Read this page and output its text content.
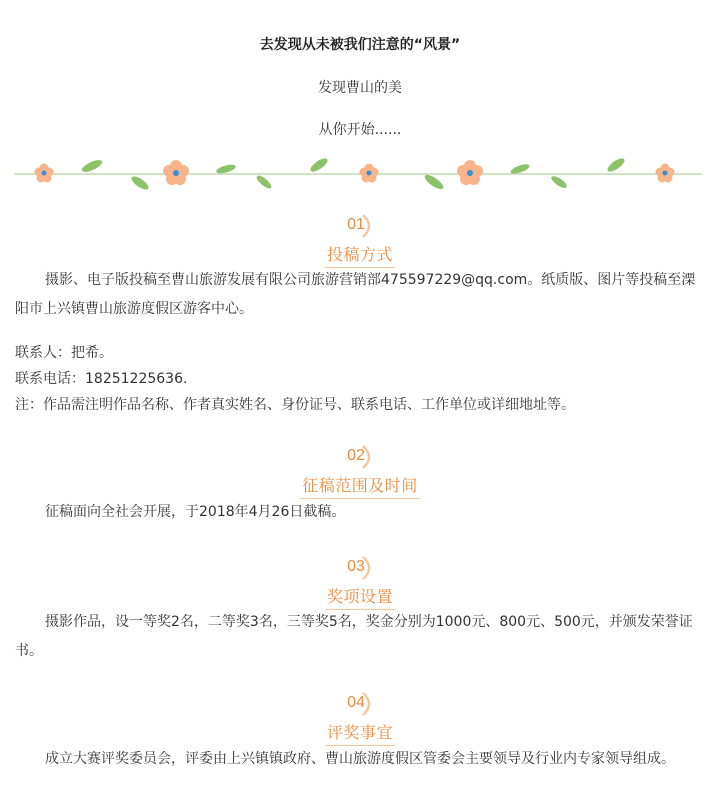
去发现从未被我们注意的“风景”
发现曹山的美
从你开始......
01
投稿方式
摄影、电子版投稿至曹山旅游发展有限公司旅游营销部475597229@qq.com。纸质版、图片等投稿至溧阳市上兴镇曹山旅游度假区游客中心。
联系人：把希。
联系电话：18251225636.
注：作品需注明作品名称、作者真实姓名、身份证号、联系电话、工作单位或详细地址等。
02
征稿范围及时间
征稿面向全社会开展，于2018年4月26日截稿。
03
奖项设置
摄影作品，设一等奖2名，二等奖3名，三等奖5名，奖金分别为1000元、800元、500元，并颁发荣誉证书。
04
评奖事宜
成立大赛评奖委员会，评委由上兴镇镇政府、曹山旅游度假区管委会主要领导及行业内专家领导组成。
